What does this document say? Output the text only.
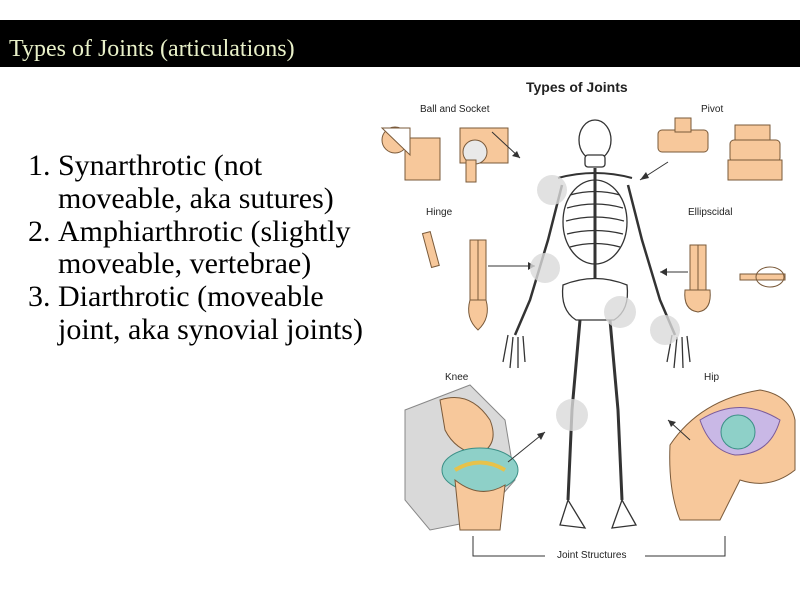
Types of Joints (articulations)
1. Synarthrotic (not moveable, aka sutures)
2. Amphiarthrotic (slightly moveable, vertebrae)
3. Diarthrotic (moveable joint, aka synovial joints)
Types of Joints
Ball and Socket	Pivot
Hinge	Ellipscidal
Knee	Hip
Joint Structures
